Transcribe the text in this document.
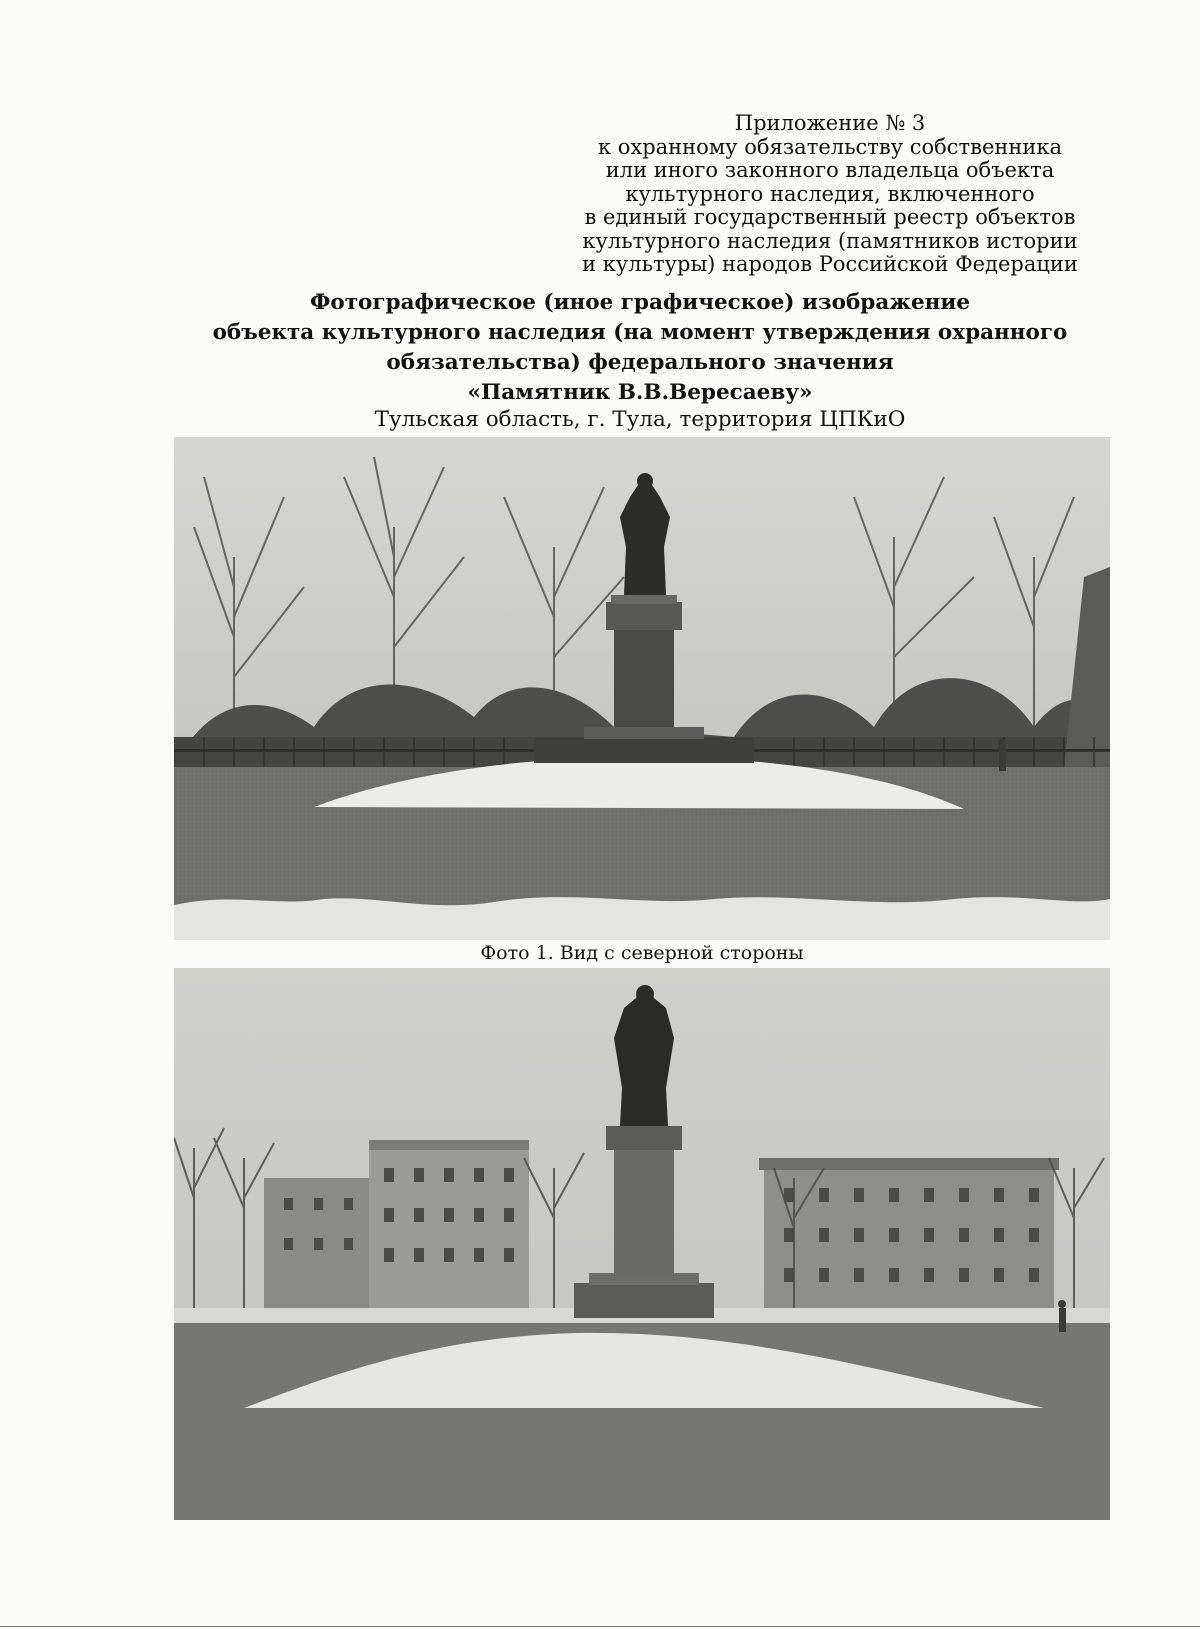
Приложение № 3
к охранному обязательству собственника
или иного законного владельца объекта
культурного наследия, включенного
в единый государственный реестр объектов
культурного наследия (памятников истории
и культуры) народов Российской Федерации
Фотографическое (иное графическое) изображение
объекта культурного наследия (на момент утверждения охранного
обязательства) федерального значения
«Памятник В.В.Вересаеву»
Тульская область, г. Тула, территория ЦПКиО
Фото 1. Вид с северной стороны
